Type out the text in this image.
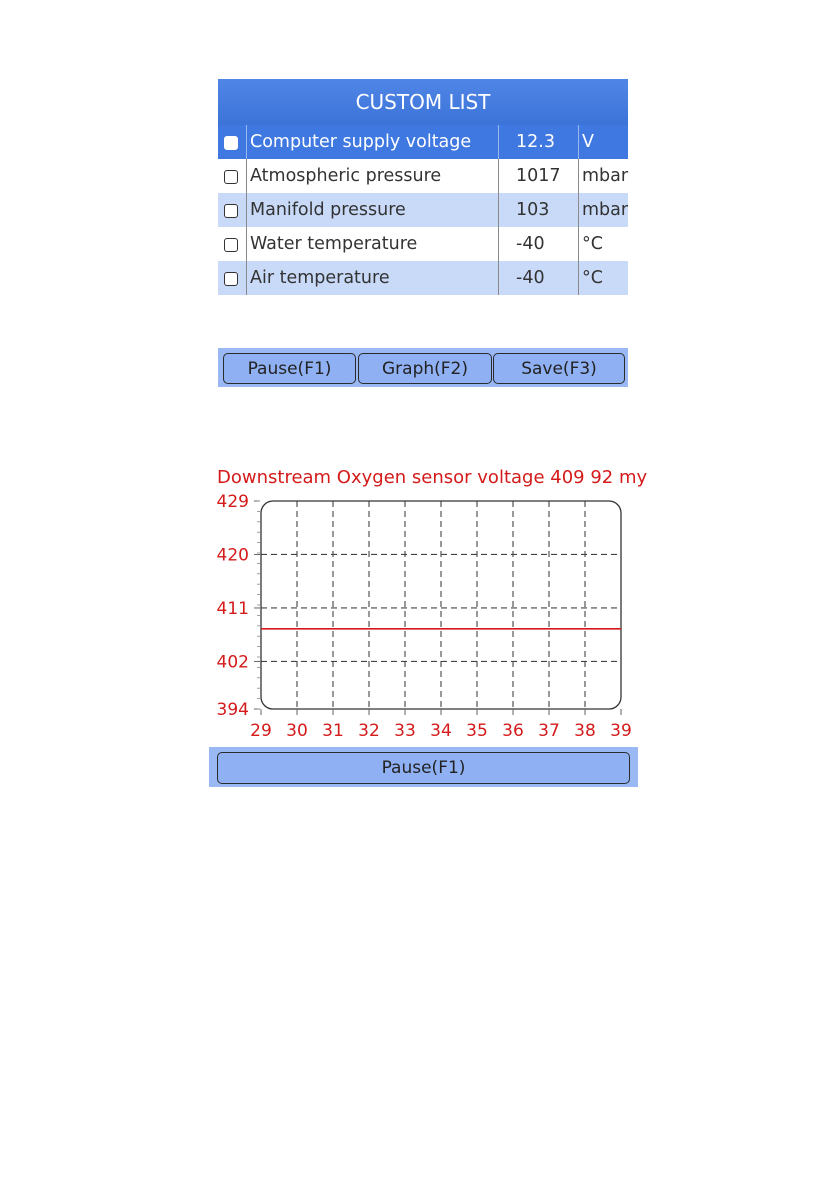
CUSTOM LIST
Computer supply voltage	12.3 V
Atmospheric pressure	1017 mbar
Manifold pressure	103 mbar
Water temperature	-40 °C
Air temperature	-40 °C
Pause(F1)	Graph(F2)	Save(F3)
Downstream Oxygen sensor voltage 409 92 my
29 30 31 32 33 34 35 36 37 38 39
429
420
411
402
394
Pause(F1)
